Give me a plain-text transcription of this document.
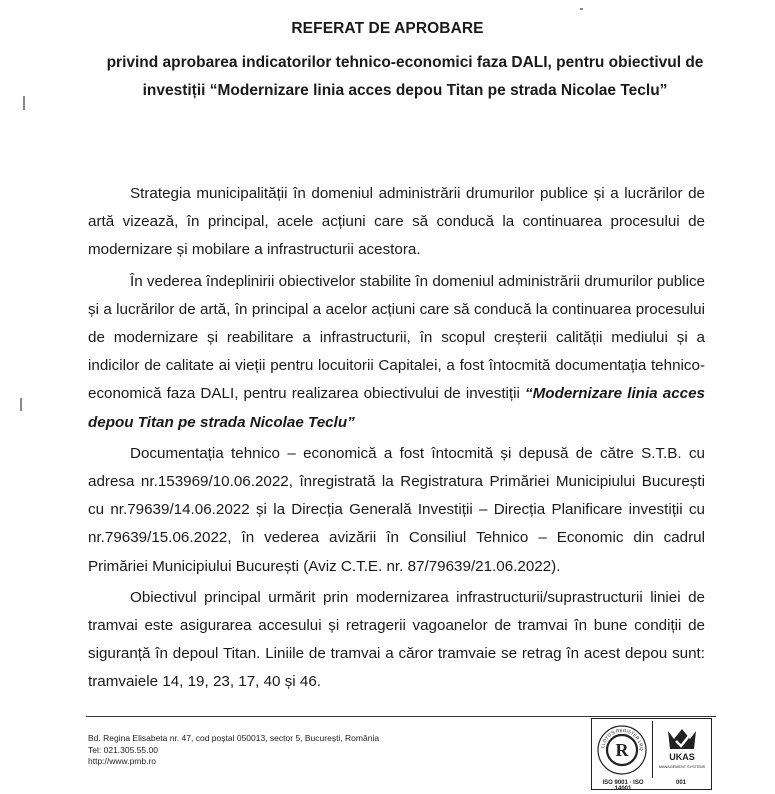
REFERAT DE APROBARE
privind aprobarea indicatorilor tehnico-economici faza DALI, pentru obiectivul de
investiții “Modernizare linia acces depou Titan pe strada Nicolae Teclu”

Strategia municipalității în domeniul administrării drumurilor publice și a lucrărilor de artă vizează, în principal, acele acțiuni care să conducă la continuarea procesului de modernizare și mobilare a infrastructurii acestora.

În vederea îndeplinirii obiectivelor stabilite în domeniul administrării drumurilor publice și a lucrărilor de artă, în principal a acelor acțiuni care să conducă la continuarea procesului de modernizare și reabilitare a infrastructurii, în scopul creșterii calității mediului și a indicilor de calitate ai vieții pentru locuitorii Capitalei, a fost întocmită documentația tehnico-economică faza DALI, pentru realizarea obiectivului de investiții “Modernizare linia acces depou Titan pe strada Nicolae Teclu”

Documentația tehnico – economică a fost întocmită și depusă de către S.T.B. cu adresa nr.153969/10.06.2022, înregistrată la Registratura Primăriei Municipiului București cu nr.79639/14.06.2022 și la Direcția Generală Investiții – Direcția Planificare investiții cu nr.79639/15.06.2022, în vederea avizării în Consiliul Tehnico – Economic din cadrul Primăriei Municipiului București (Aviz C.T.E. nr. 87/79639/21.06.2022).

Obiectivul principal urmărit prin modernizarea infrastructurii/suprastructurii liniei de tramvai este asigurarea accesului și retragerii vagoanelor de tramvai în bune condiții de siguranță în depoul Titan. Liniile de tramvai a căror tramvaie se retrag în acest depou sunt: tramvaiele 14, 19, 23, 17, 40 și 46.

Bd. Regina Elisabeta nr. 47, cod poștal 050013, sector 5, București, România
Tel: 021.305.55.00
http://www.pmb.ro
R
LLOYD'S REGISTER LRQ
UKAS
MANAGEMENT SYSTEMS
ISO 9001 · ISO 14001
001
